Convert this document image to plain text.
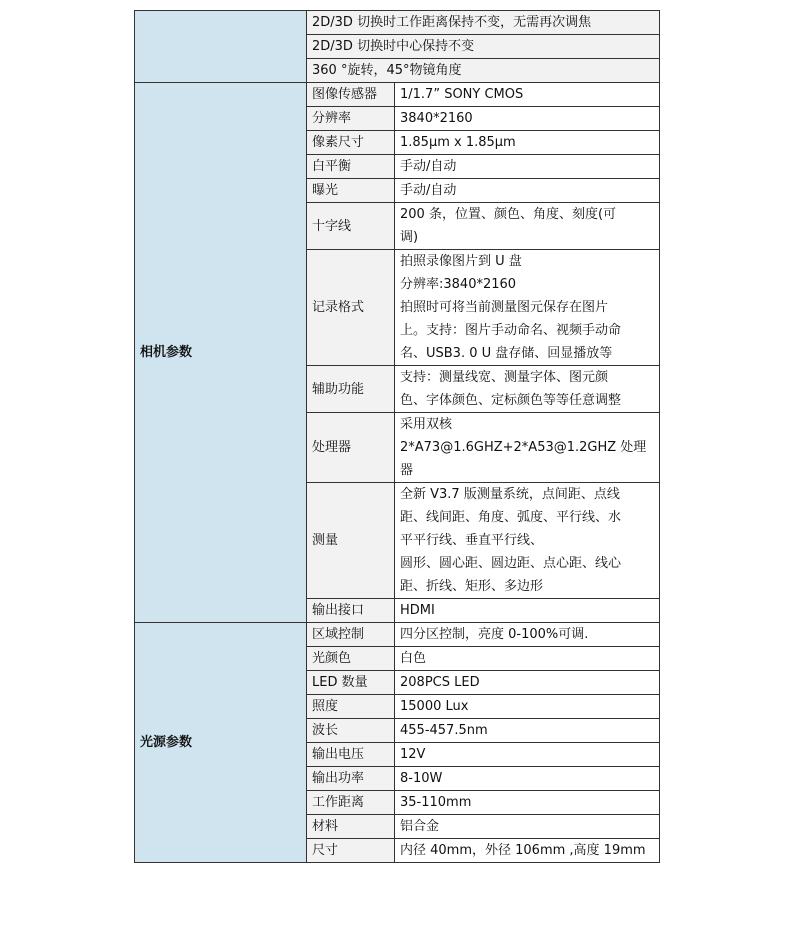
	2D/3D 切换时工作距离保持不变，无需再次调焦	
	2D/3D 切换时中心保持不变	
	360 °旋转，45°物镜角度	
相机参数	图像传感器	1/1.7” SONY CMOS

	分辨率	3840*2160

	像素尺寸	1.85μm x 1.85μm

	白平衡	手动/自动

	曝光	手动/自动

	十字线	200 条，位置、颜色、角度、刻度(可
调)

	记录格式	拍照录像图片到 U 盘
分辨率:3840*2160
拍照时可将当前测量图元保存在图片
上。支持：图片手动命名、视频手动命
名、USB3. 0 U 盘存储、回显播放等

	辅助功能	支持：测量线宽、测量字体、图元颜
色、字体颜色、定标颜色等等任意调整

	处理器	采用双核
2*A73@1.6GHZ+2*A53@1.2GHZ 处理
器

	测量	全新 V3.7 版测量系统，点间距、点线
距、线间距、角度、弧度、平行线、水
平平行线、垂直平行线、
圆形、圆心距、圆边距、点心距、线心
距、折线、矩形、多边形

	输出接口	HDMI

光源参数	区域控制	四分区控制，亮度 0-100%可调.

	光颜色	白色

	LED 数量	208PCS LED

	照度	15000 Lux

	波长	455-457.5nm

	输出电压	12V

	输出功率	8-10W

	工作距离	35-110mm

	材料	铝合金

	尺寸	内径 40mm，外径 106mm ,高度 19mm
